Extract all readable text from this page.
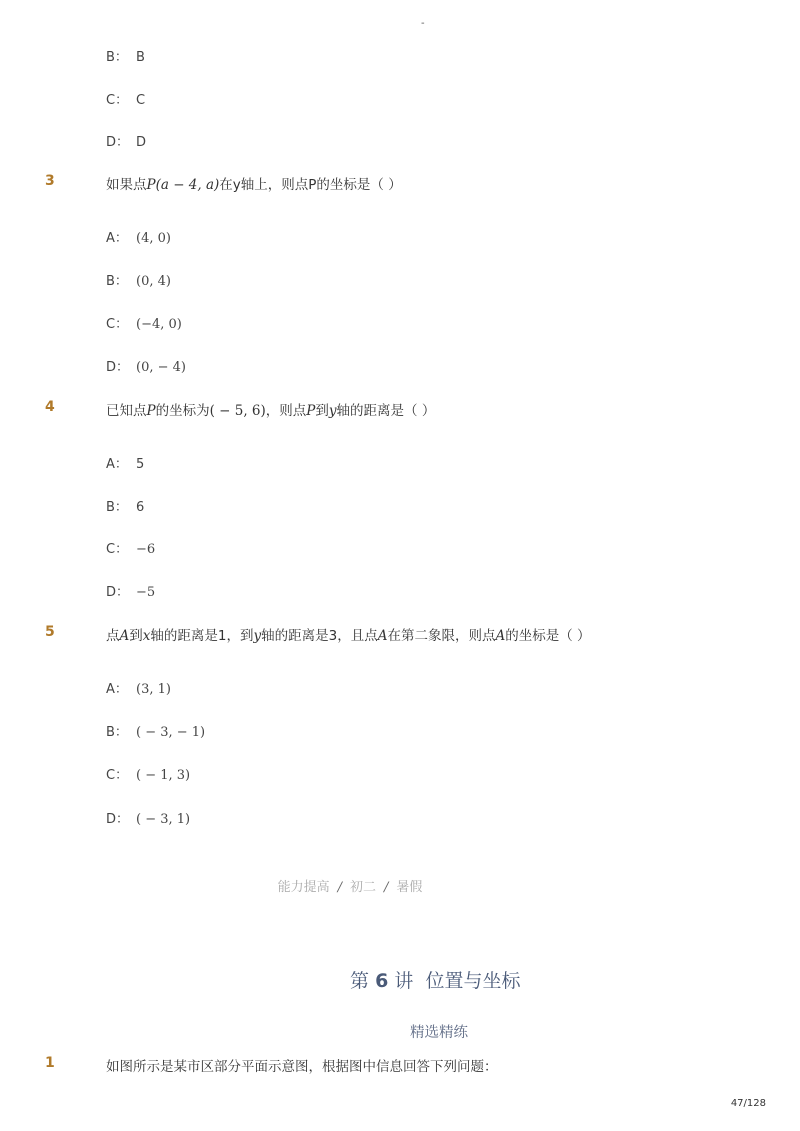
-
B： B
C： C
D： D
3	如果点P(a − 4, a)在y轴上，则点P的坐标是（ ）
A： (4, 0)
B： (0, 4)
C： (−4, 0)
D： (0, − 4)
4	已知点P的坐标为( − 5, 6)，则点P到y轴的距离是（ ）
A： 5
B： 6
C： −6
D： −5
5	点A到x轴的距离是1，到y轴的距离是3，且点A在第二象限，则点A的坐标是（ ）
A： (3, 1)
B： ( − 3, − 1)
C： ( − 1, 3)
D： ( − 3, 1)
能力提高 / 初二 / 暑假
第 6 讲 位置与坐标
精选精练
1	如图所示是某市区部分平面示意图，根据图中信息回答下列问题：
47/128
